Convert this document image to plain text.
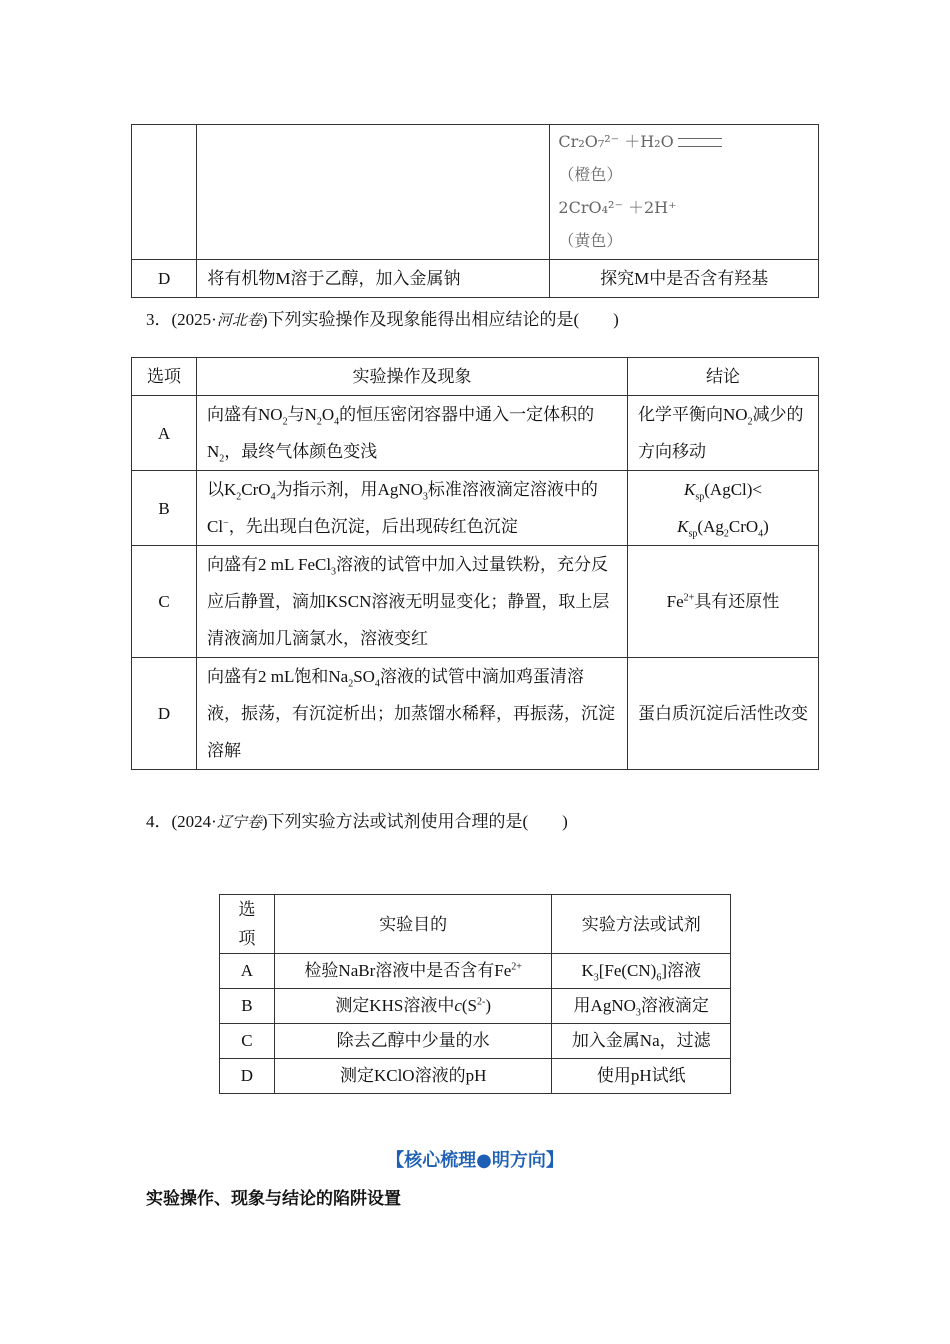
		Cr₂O₇²⁻ ＋H₂O
（橙色）
2CrO₄²⁻ ＋2H⁺
（黄色）

D	将有机物M溶于乙醇，加入金属钠	探究M中是否含有羟基
3．(2025·河北卷)下列实验操作及现象能得出相应结论的是(　　)
选项	实验操作及现象	结论
A	向盛有$NO_2$与$N_2O_4$的恒压密闭容器中通入一定体积的$N_2$，最终气体颜色变浅	化学平衡向$NO_2$减少的方向移动
B	以$K_2CrO_4$为指示剂，用AgNO$_3$标准溶液滴定溶液中的Cl−，先出现白色沉淀，后出现砖红色沉淀	$K_{sp}(AgCl)<$
$K_{sp}(Ag_2CrO_4)$
C	向盛有2 mL FeCl$_3$溶液的试管中加入过量铁粉，充分反应后静置，滴加KSCN溶液无明显变化；静置，取上层清液滴加几滴氯水，溶液变红	$Fe^{2+}$具有还原性
D	向盛有2 mL饱和$Na_2SO_4$溶液的试管中滴加鸡蛋清溶液，振荡，有沉淀析出；加蒸馏水稀释，再振荡，沉淀溶解	蛋白质沉淀后活性改变
4．(2024·辽宁卷)下列实验方法或试剂使用合理的是(　　)
选项	实验目的	实验方法或试剂
A	检验NaBr溶液中是否含有$Fe^{2+}$	$K_3[Fe(CN)_6]$溶液
B	测定KHS溶液中$c(S^{2-})$	用AgNO$_3$溶液滴定
C	除去乙醇中少量的水	加入金属Na，过滤
D	测定KClO溶液的pH	使用pH试纸
【核心梳理●明方向】
实验操作、现象与结论的陷阱设置
